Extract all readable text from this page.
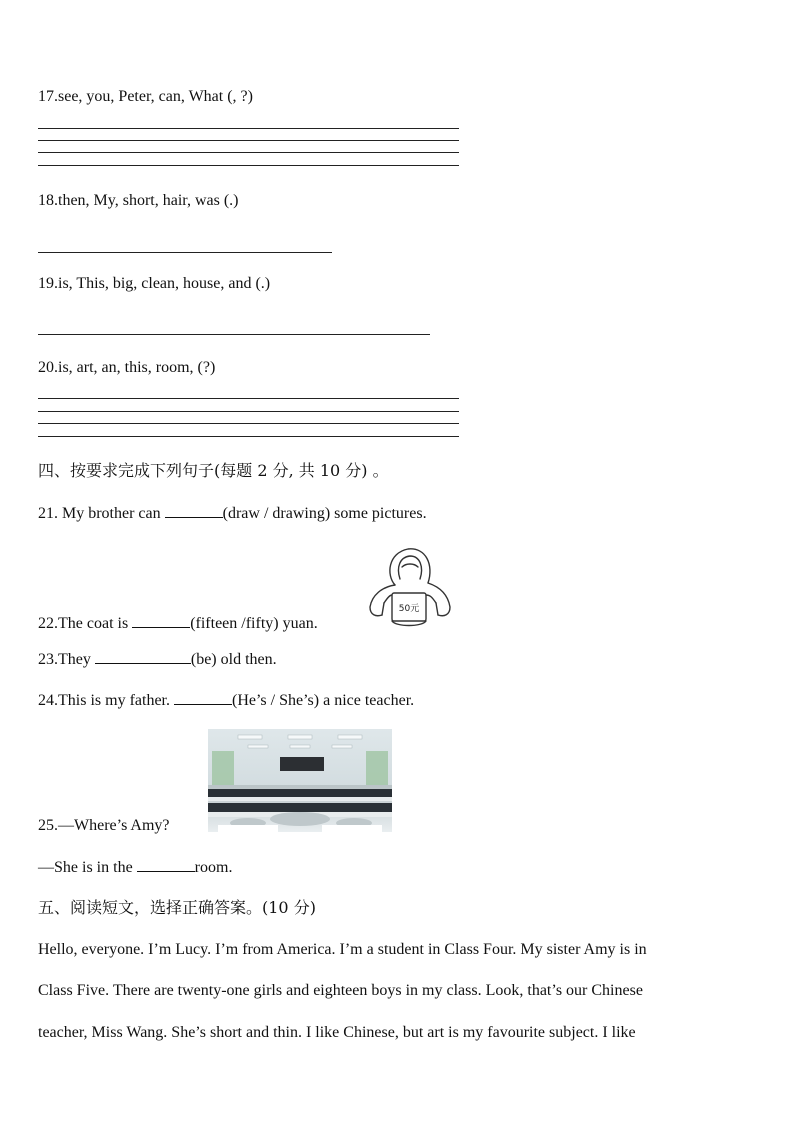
17.see, you, Peter, can, What (, ?)
18.then, My, short, hair, was (.)
19.is, This, big, clean, house, and (.)
20.is, art, an, this, room, (?)
四、按要求完成下列句子(每题 2 分, 共 10 分) 。
21. My brother can	(draw / drawing) some pictures.
50元
22.The coat is	(fifteen /fifty) yuan.
23.They	(be) old then.
24.This is my father.	(He’s / She’s) a nice teacher.
25.—Where’s Amy?
—She is in the	room.
五、阅读短文，选择正确答案。(10 分)
Hello, everyone. I’m Lucy. I’m from America. I’m a student in Class Four. My sister Amy is in
Class Five. There are twenty-one girls and eighteen boys in my class. Look, that’s our Chinese
teacher, Miss Wang. She’s short and thin. I like Chinese, but art is my favourite subject. I like
